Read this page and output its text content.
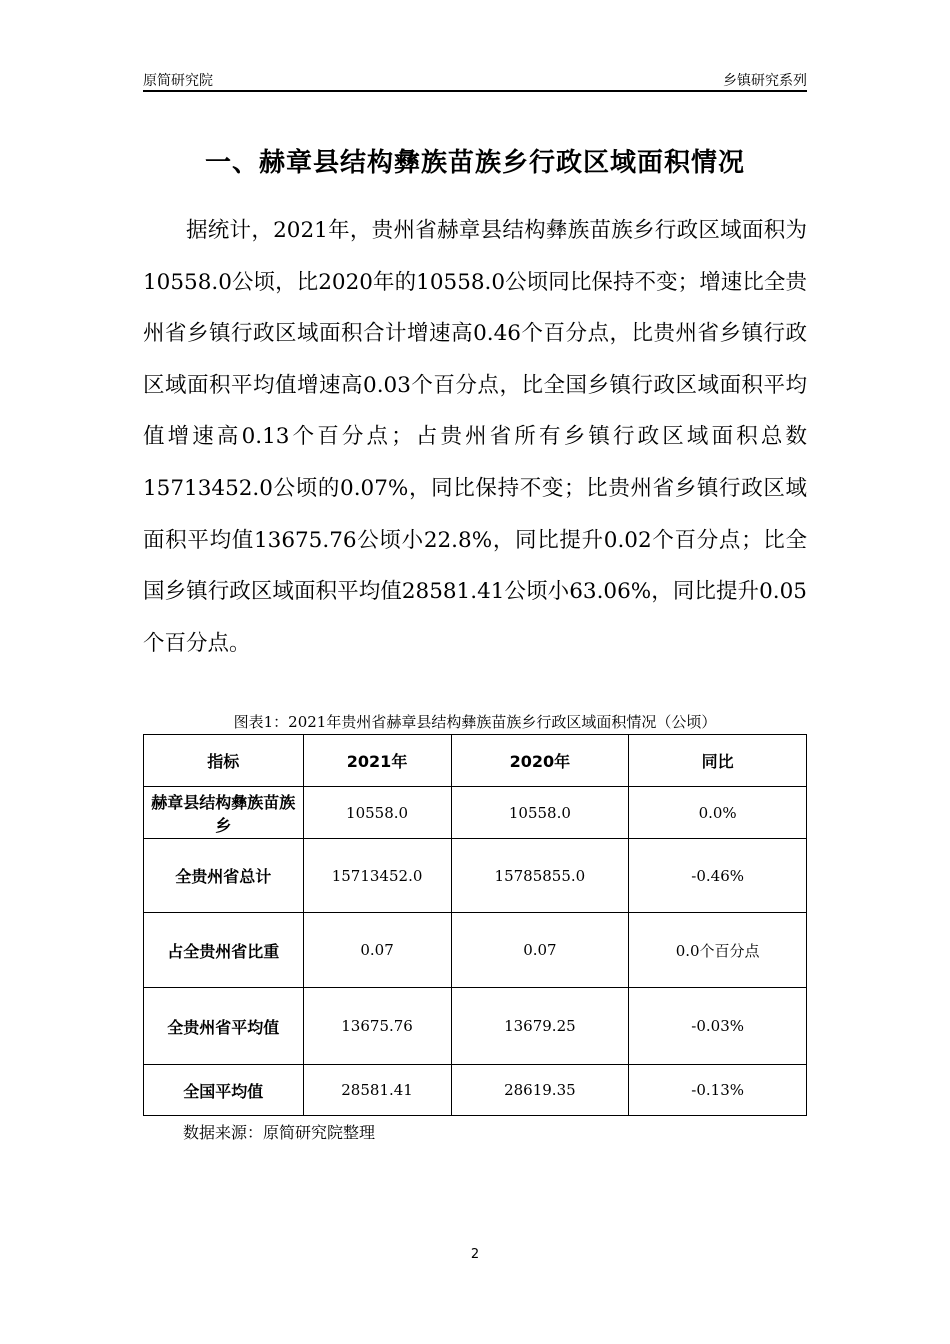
原简研究院	乡镇研究系列
一、赫章县结构彝族苗族乡行政区域面积情况

据统计，2021年，贵州省赫章县结构彝族苗族乡行政区域面积为10558.0公顷，比2020年的10558.0公顷同比保持不变；增速比全贵州省乡镇行政区域面积合计增速高0.46个百分点，比贵州省乡镇行政区域面积平均值增速高0.03个百分点，比全国乡镇行政区域面积平均值增速高0.13个百分点；占贵州省所有乡镇行政区域面积总数15713452.0公顷的0.07%，同比保持不变；比贵州省乡镇行政区域面积平均值13675.76公顷小22.8%，同比提升0.02个百分点；比全国乡镇行政区域面积平均值28581.41公顷小63.06%，同比提升0.05个百分点。

图表1：2021年贵州省赫章县结构彝族苗族乡行政区域面积情况（公顷）
指标	2021年	2020年	同比
赫章县结构彝族苗族乡	10558.0	10558.0	0.0%
全贵州省总计	15713452.0	15785855.0	-0.46%
占全贵州省比重	0.07	0.07	0.0个百分点
全贵州省平均值	13675.76	13679.25	-0.03%
全国平均值	28581.41	28619.35	-0.13%
数据来源：原简研究院整理
2
